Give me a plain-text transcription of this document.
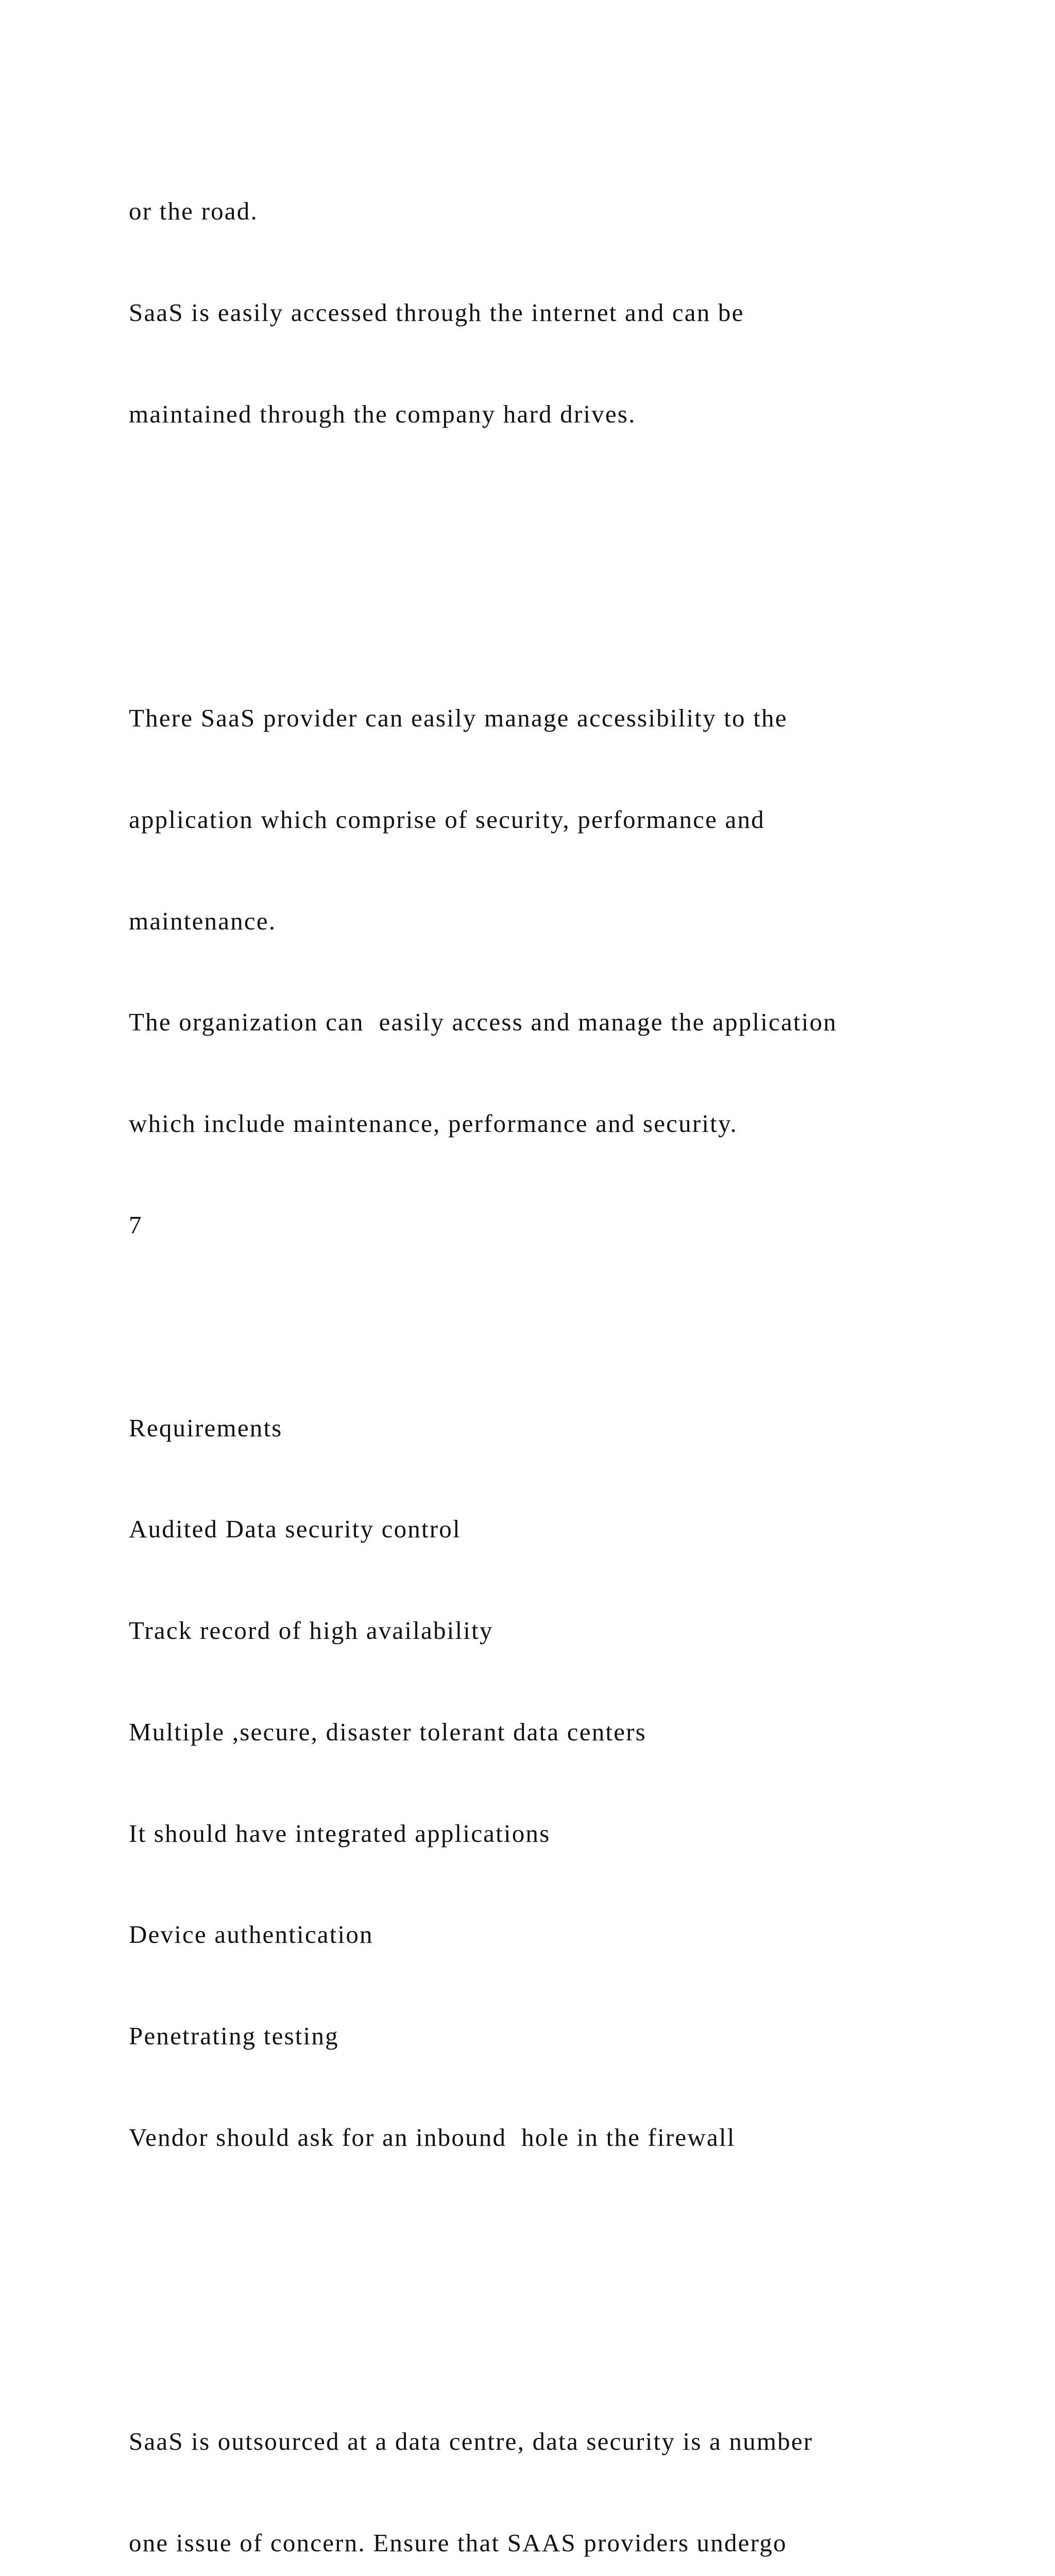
or the road.

SaaS is easily accessed through the internet and can be

maintained through the company hard drives.

There SaaS provider can easily manage accessibility to the

application which comprise of security, performance and

maintenance.

The organization can  easily access and manage the application

which include maintenance, performance and security.

7

Requirements

Audited Data security control

Track record of high availability

Multiple ,secure, disaster tolerant data centers

It should have integrated applications

Device authentication

Penetrating testing

Vendor should ask for an inbound  hole in the firewall

SaaS is outsourced at a data centre, data security is a number

one issue of concern. Ensure that SAAS providers undergo
